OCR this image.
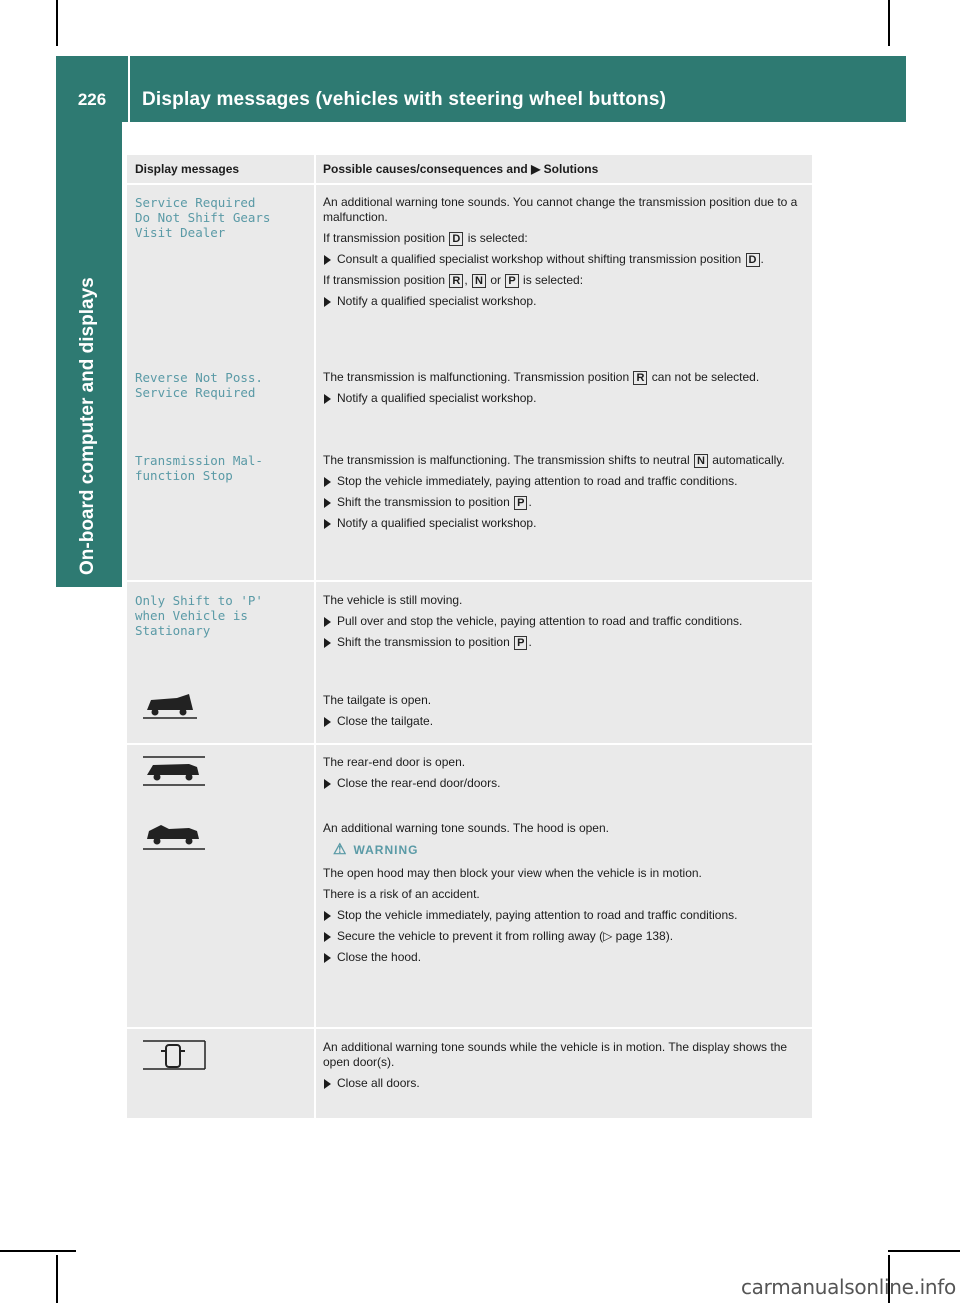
226	Display messages (vehicles with steering wheel buttons)
On-board computer and displays
Display messages	Possible causes/consequences and ▶ Solutions
Service Required
Do Not Shift Gears
Visit Dealer

An additional warning tone sounds. You cannot change the transmission position due to a malfunction.

If transmission position D is selected:

Consult a qualified specialist workshop without shifting transmission position D .

If transmission position R , N or P is selected:

Notify a qualified specialist workshop.
Reverse Not Poss.
Service Required

The transmission is malfunctioning. Transmission position R can not be selected.

Notify a qualified specialist workshop.
Transmission Mal-
function Stop

The transmission is malfunctioning. The transmission shifts to neutral N automatically.

Stop the vehicle immediately, paying attention to road and traffic conditions.
Shift the transmission to position P .
Notify a qualified specialist workshop.
Only Shift to 'P'
when Vehicle is
Stationary

The vehicle is still moving.

Pull over and stop the vehicle, paying attention to road and traffic conditions.
Shift the transmission to position P .

The tailgate is open.

Close the tailgate.

The rear-end door is open.

Close the rear-end door/doors.

An additional warning tone sounds. The hood is open.

⚠ WARNING

The open hood may then block your view when the vehicle is in motion.

There is a risk of an accident.

Stop the vehicle immediately, paying attention to road and traffic conditions.
Secure the vehicle to prevent it from rolling away (▷ page 138).
Close the hood.

An additional warning tone sounds while the vehicle is in motion. The display shows the open door(s).

Close all doors.
carmanualsonline.info
